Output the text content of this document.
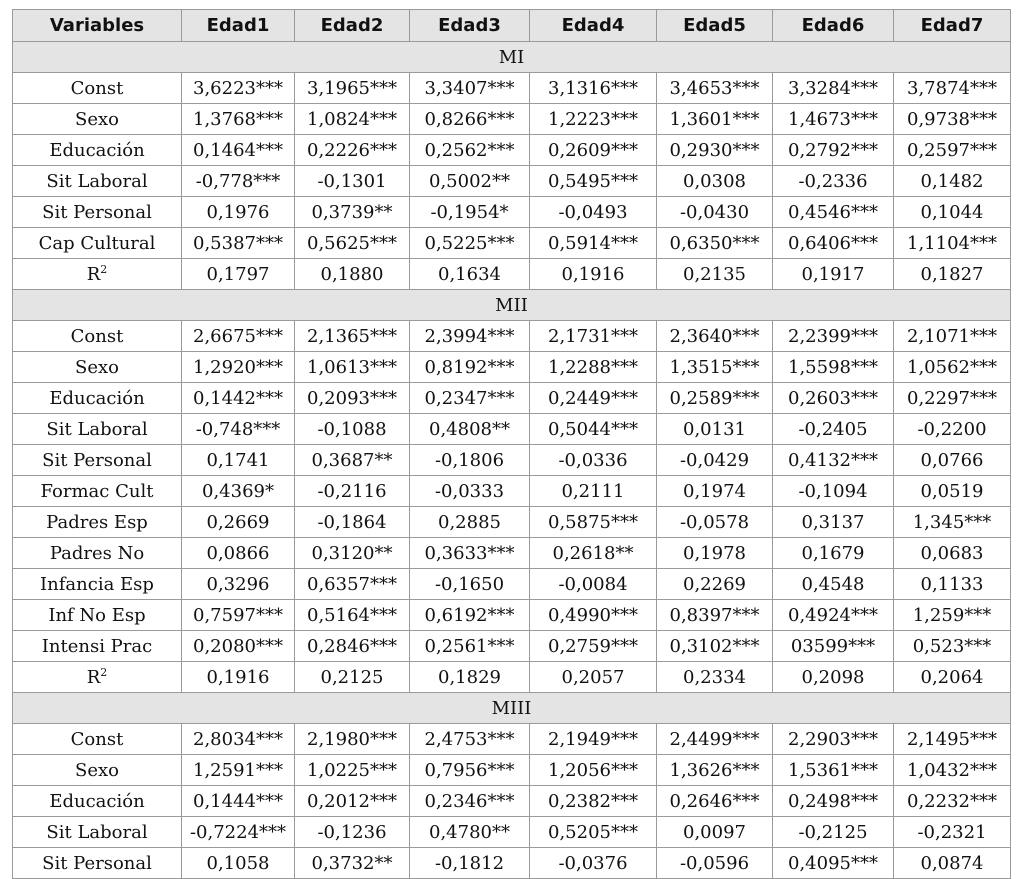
Variables	Edad1	Edad2	Edad3	Edad4	Edad5	Edad6	Edad7
MI							
Const	3,6223***	3,1965***	3,3407***	3,1316***	3,4653***	3,3284***	3,7874***
Sexo	1,3768***	1,0824***	0,8266***	1,2223***	1,3601***	1,4673***	0,9738***
Educación	0,1464***	0,2226***	0,2562***	0,2609***	0,2930***	0,2792***	0,2597***
Sit Laboral	-0,778***	-0,1301	0,5002**	0,5495***	0,0308	-0,2336	0,1482
Sit Personal	0,1976	0,3739**	-0,1954*	-0,0493	-0,0430	0,4546***	0,1044
Cap Cultural	0,5387***	0,5625***	0,5225***	0,5914***	0,6350***	0,6406***	1,1104***
$R^2$	0,1797	0,1880	0,1634	0,1916	0,2135	0,1917	0,1827
MII							
Const	2,6675***	2,1365***	2,3994***	2,1731***	2,3640***	2,2399***	2,1071***
Sexo	1,2920***	1,0613***	0,8192***	1,2288***	1,3515***	1,5598***	1,0562***
Educación	0,1442***	0,2093***	0,2347***	0,2449***	0,2589***	0,2603***	0,2297***
Sit Laboral	-0,748***	-0,1088	0,4808**	0,5044***	0,0131	-0,2405	-0,2200
Sit Personal	0,1741	0,3687**	-0,1806	-0,0336	-0,0429	0,4132***	0,0766
Formac Cult	0,4369*	-0,2116	-0,0333	0,2111	0,1974	-0,1094	0,0519
Padres Esp	0,2669	-0,1864	0,2885	0,5875***	-0,0578	0,3137	1,345***
Padres No	0,0866	0,3120**	0,3633***	0,2618**	0,1978	0,1679	0,0683
Infancia Esp	0,3296	0,6357***	-0,1650	-0,0084	0,2269	0,4548	0,1133
Inf No Esp	0,7597***	0,5164***	0,6192***	0,4990***	0,8397***	0,4924***	1,259***
Intensi Prac	0,2080***	0,2846***	0,2561***	0,2759***	0,3102***	03599***	0,523***
$R^2$	0,1916	0,2125	0,1829	0,2057	0,2334	0,2098	0,2064
MIII							
Const	2,8034***	2,1980***	2,4753***	2,1949***	2,4499***	2,2903***	2,1495***
Sexo	1,2591***	1,0225***	0,7956***	1,2056***	1,3626***	1,5361***	1,0432***
Educación	0,1444***	0,2012***	0,2346***	0,2382***	0,2646***	0,2498***	0,2232***
Sit Laboral	-0,7224***	-0,1236	0,4780**	0,5205***	0,0097	-0,2125	-0,2321
Sit Personal	0,1058	0,3732**	-0,1812	-0,0376	-0,0596	0,4095***	0,0874
